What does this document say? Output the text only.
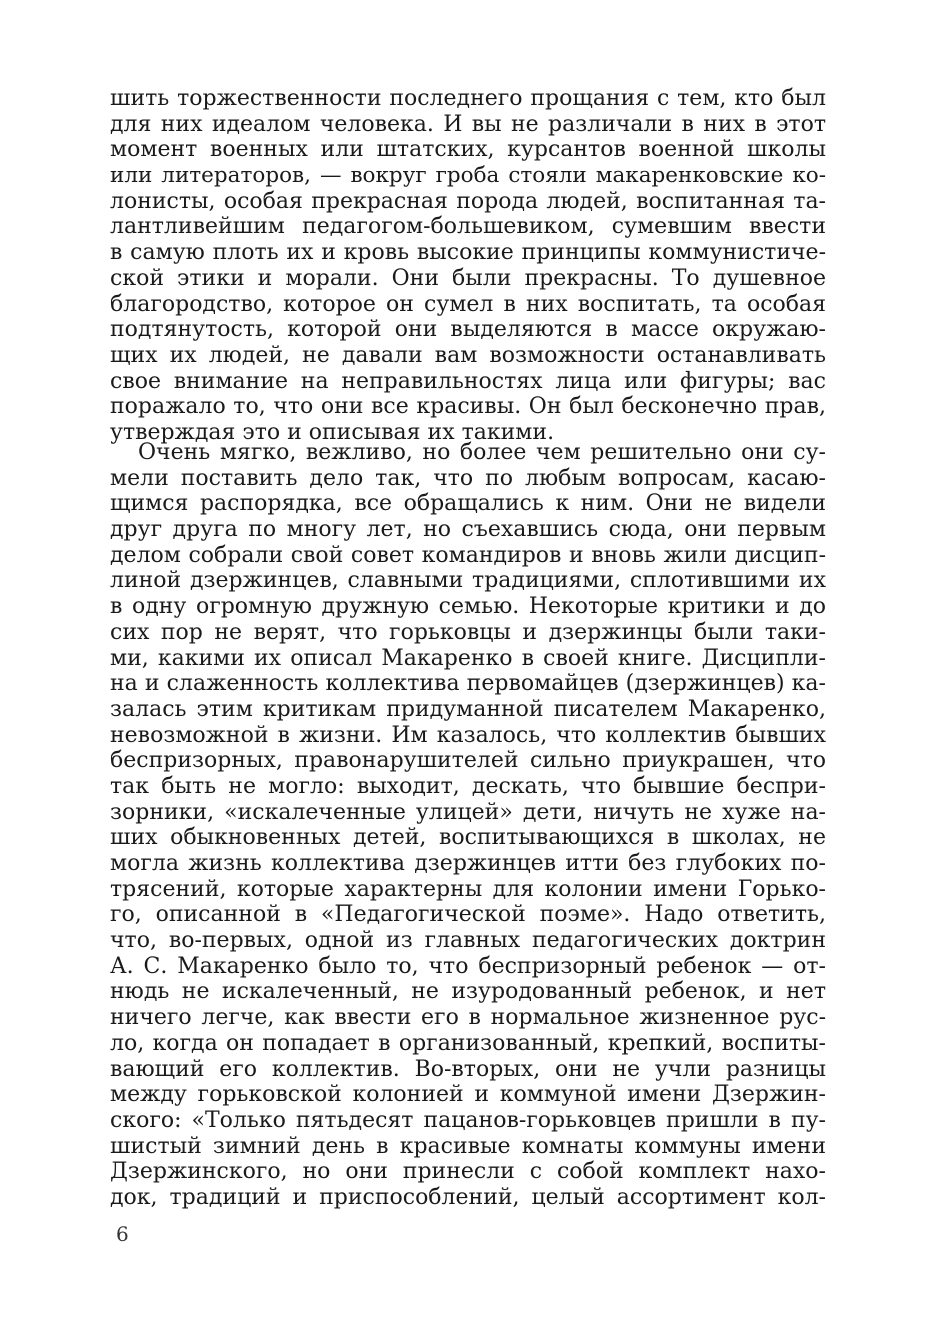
шить торжественности последнего прощания с тем, кто был
для них идеалом человека. И вы не различали в них в этот
момент военных или штатских, курсантов военной школы
или литераторов, — вокруг гроба стояли макаренковские ко-
лонисты, особая прекрасная порода людей, воспитанная та-
лантливейшим педагогом-большевиком, сумевшим ввести
в самую плоть их и кровь высокие принципы коммунистиче-
ской этики и морали. Они были прекрасны. То душевное
благородство, которое он сумел в них воспитать, та особая
подтянутость, которой они выделяются в массе окружаю-
щих их людей, не давали вам возможности останавливать
свое внимание на неправильностях лица или фигуры; вас
поражало то, что они все красивы. Он был бесконечно прав,
утверждая это и описывая их такими.
Очень мягко, вежливо, но более чем решительно они су-
мели поставить дело так, что по любым вопросам, касаю-
щимся распорядка, все обращались к ним. Они не видели
друг друга по многу лет, но съехавшись сюда, они первым
делом собрали свой совет командиров и вновь жили дисцип-
линой дзержинцев, славными традициями, сплотившими их
в одну огромную дружную семью. Некоторые критики и до
сих пор не верят, что горьковцы и дзержинцы были таки-
ми, какими их описал Макаренко в своей книге. Дисципли-
на и слаженность коллектива первомайцев (дзержинцев) ка-
залась этим критикам придуманной писателем Макаренко,
невозможной в жизни. Им казалось, что коллектив бывших
беспризорных, правонарушителей сильно приукрашен, что
так быть не могло: выходит, дескать, что бывшие беспри-
зорники, «искалеченные улицей» дети, ничуть не хуже на-
ших обыкновенных детей, воспитывающихся в школах, не
могла жизнь коллектива дзержинцев итти без глубоких по-
трясений, которые характерны для колонии имени Горько-
го, описанной в «Педагогической поэме». Надо ответить,
что, во-первых, одной из главных педагогических доктрин
А. С. Макаренко было то, что беспризорный ребенок — от-
нюдь не искалеченный, не изуродованный ребенок, и нет
ничего легче, как ввести его в нормальное жизненное рус-
ло, когда он попадает в организованный, крепкий, воспиты-
вающий его коллектив. Во-вторых, они не учли разницы
между горьковской колонией и коммуной имени Дзержин-
ского: «Только пятьдесят пацанов-горьковцев пришли в пу-
шистый зимний день в красивые комнаты коммуны имени
Дзержинского, но они принесли с собой комплект нахо-
док, традиций и приспособлений, целый ассортимент кол-
6
